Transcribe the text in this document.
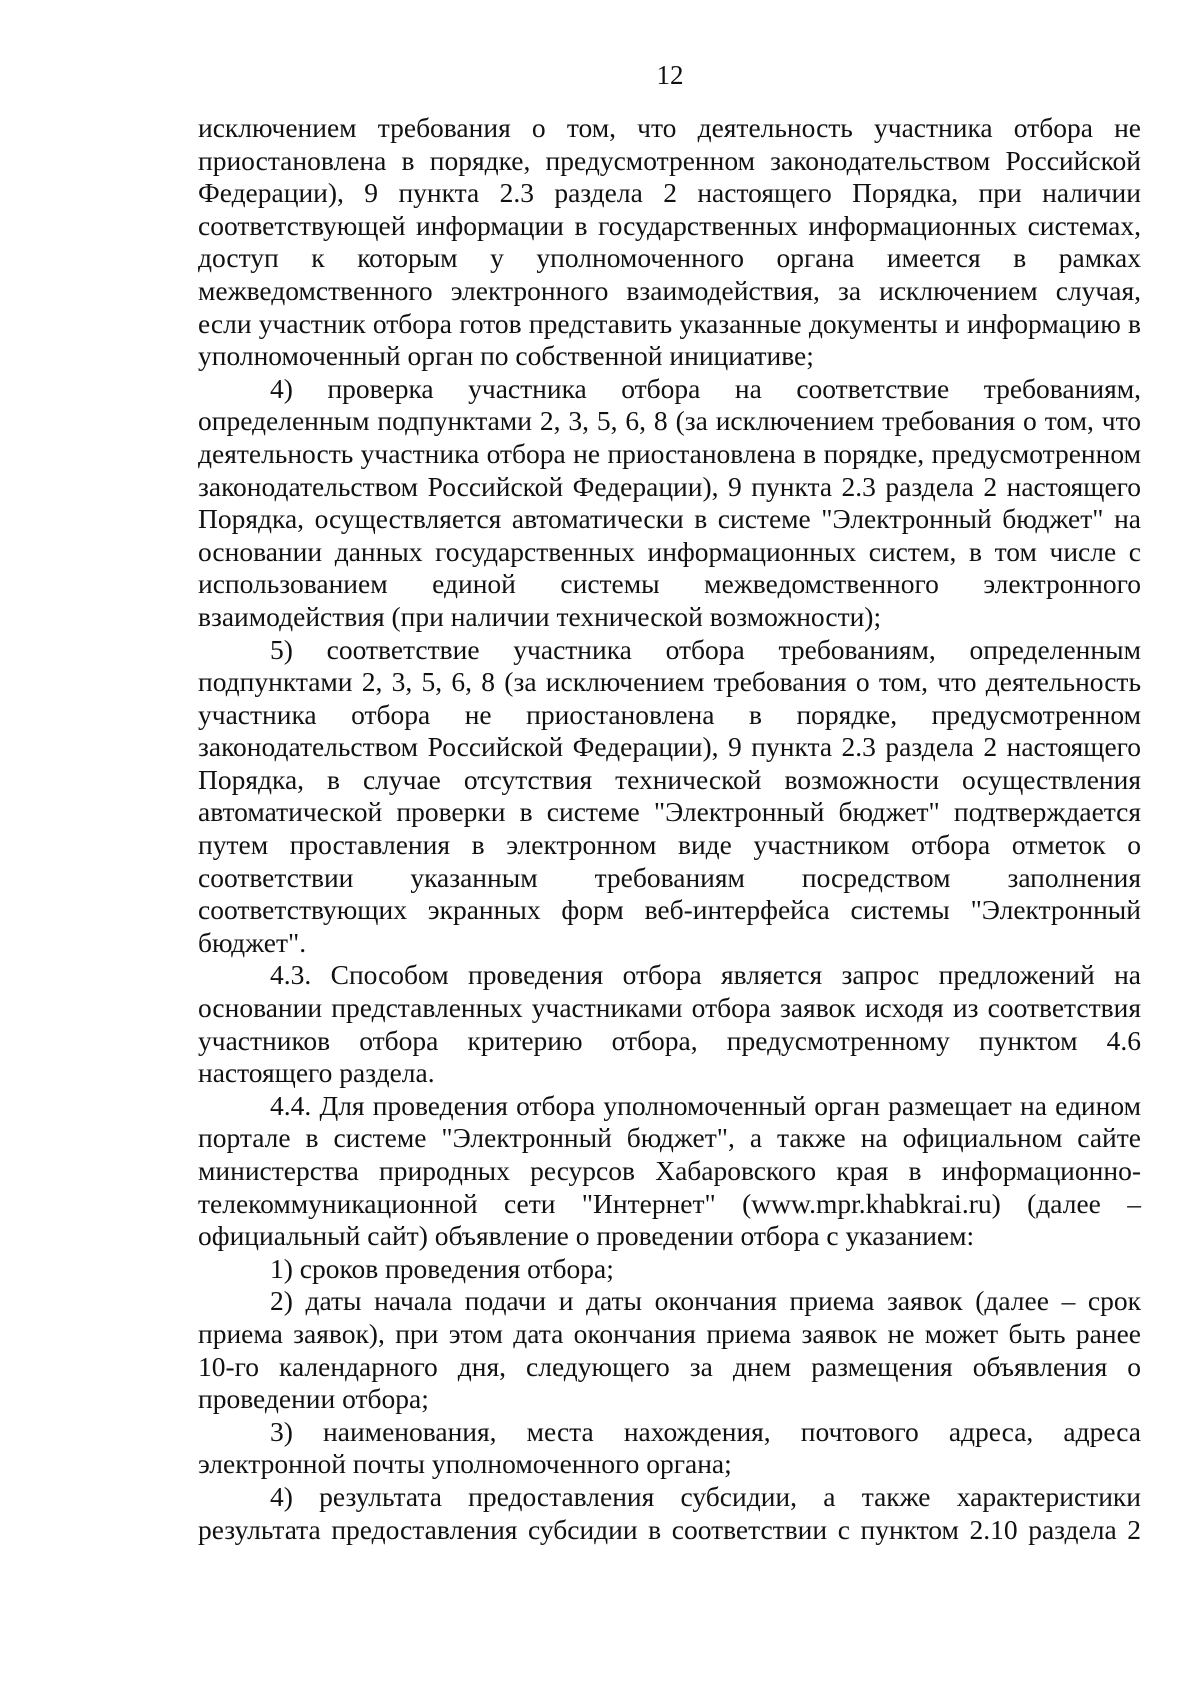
12

исключением требования о том, что деятельность участника отбора не приостановлена в порядке, предусмотренном законодательством Российской Федерации), 9 пункта 2.3 раздела 2 настоящего Порядка, при наличии соответствующей информации в государственных информационных системах, доступ к которым у уполномоченного органа имеется в рамках межведомственного электронного взаимодействия, за исключением случая, если участник отбора готов представить указанные документы и информацию в уполномоченный орган по собственной инициативе;

4) проверка участника отбора на соответствие требованиям, определенным подпунктами 2, 3, 5, 6, 8 (за исключением требования о том, что деятельность участника отбора не приостановлена в порядке, предусмотренном законодательством Российской Федерации), 9 пункта 2.3 раздела 2 настоящего Порядка, осуществляется автоматически в системе "Электронный бюджет" на основании данных государственных информационных систем, в том числе с использованием единой системы межведомственного электронного взаимодействия (при наличии технической возможности);

5) соответствие участника отбора требованиям, определенным подпунктами 2, 3, 5, 6, 8 (за исключением требования о том, что деятельность участника отбора не приостановлена в порядке, предусмотренном законодательством Российской Федерации), 9 пункта 2.3 раздела 2 настоящего Порядка, в случае отсутствия технической возможности осуществления автоматической проверки в системе "Электронный бюджет" подтверждается путем проставления в электронном виде участником отбора отметок о соответствии указанным требованиям посредством заполнения соответствующих экранных форм веб-интерфейса системы "Электронный бюджет".

4.3. Способом проведения отбора является запрос предложений на основании представленных участниками отбора заявок исходя из соответствия участников отбора критерию отбора, предусмотренному пунктом 4.6 настоящего раздела.

4.4. Для проведения отбора уполномоченный орган размещает на едином портале в системе "Электронный бюджет", а также на официальном сайте министерства природных ресурсов Хабаровского края в информационно-телекоммуникационной сети "Интернет" (www.mpr.khabkrai.ru) (далее – официальный сайт) объявление о проведении отбора с указанием:

1) сроков проведения отбора;

2) даты начала подачи и даты окончания приема заявок (далее – срок приема заявок), при этом дата окончания приема заявок не может быть ранее 10-го календарного дня, следующего за днем размещения объявления о проведении отбора;

3) наименования, места нахождения, почтового адреса, адреса электронной почты уполномоченного органа;

4) результата предоставления субсидии, а также характеристики результата предоставления субсидии в соответствии с пунктом 2.10 раздела 2
